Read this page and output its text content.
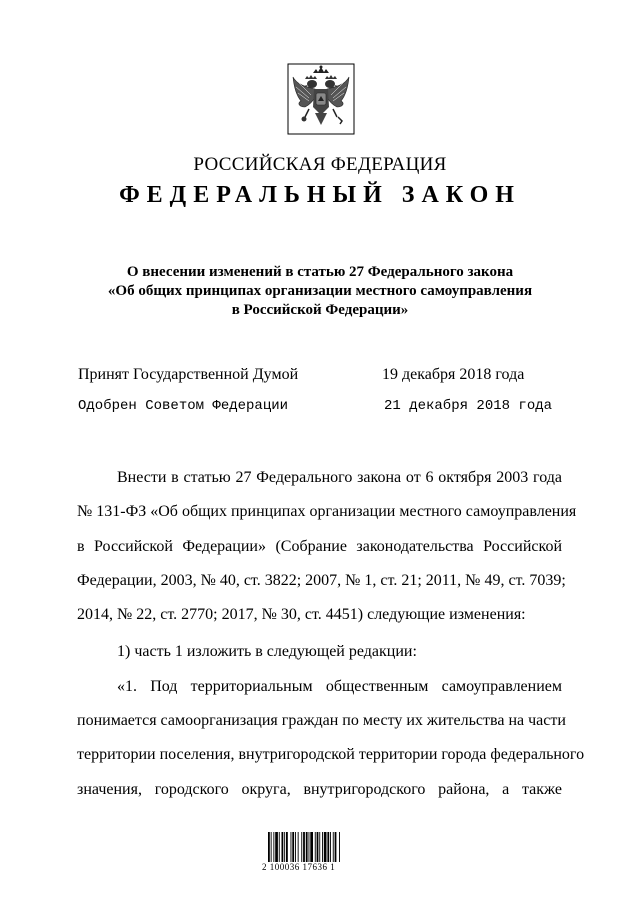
РОССИЙСКАЯ ФЕДЕРАЦИЯ
ФЕДЕРАЛЬНЫЙ ЗАКОН
О внесении изменений в статью 27 Федерального закона
«Об общих принципах организации местного самоуправления
в Российской Федерации»
Принят Государственной Думой	19 декабря 2018 года
Одобрен Советом Федерации	21 декабря 2018 года
Внести в статью 27 Федерального закона от 6 октября 2003 года
№ 131-ФЗ «Об общих принципах организации местного самоуправления
в Российской Федерации» (Собрание законодательства Российской
Федерации, 2003, № 40, ст. 3822; 2007, № 1, ст. 21; 2011, № 49, ст. 7039;
2014, № 22, ст. 2770; 2017, № 30, ст. 4451) следующие изменения:
1) часть 1 изложить в следующей редакции:
«1. Под территориальным общественным самоуправлением
понимается самоорганизация граждан по месту их жительства на части
территории поселения, внутригородской территории города федерального
значения, городского округа, внутригородского района, а также
2 100036 17636 1
